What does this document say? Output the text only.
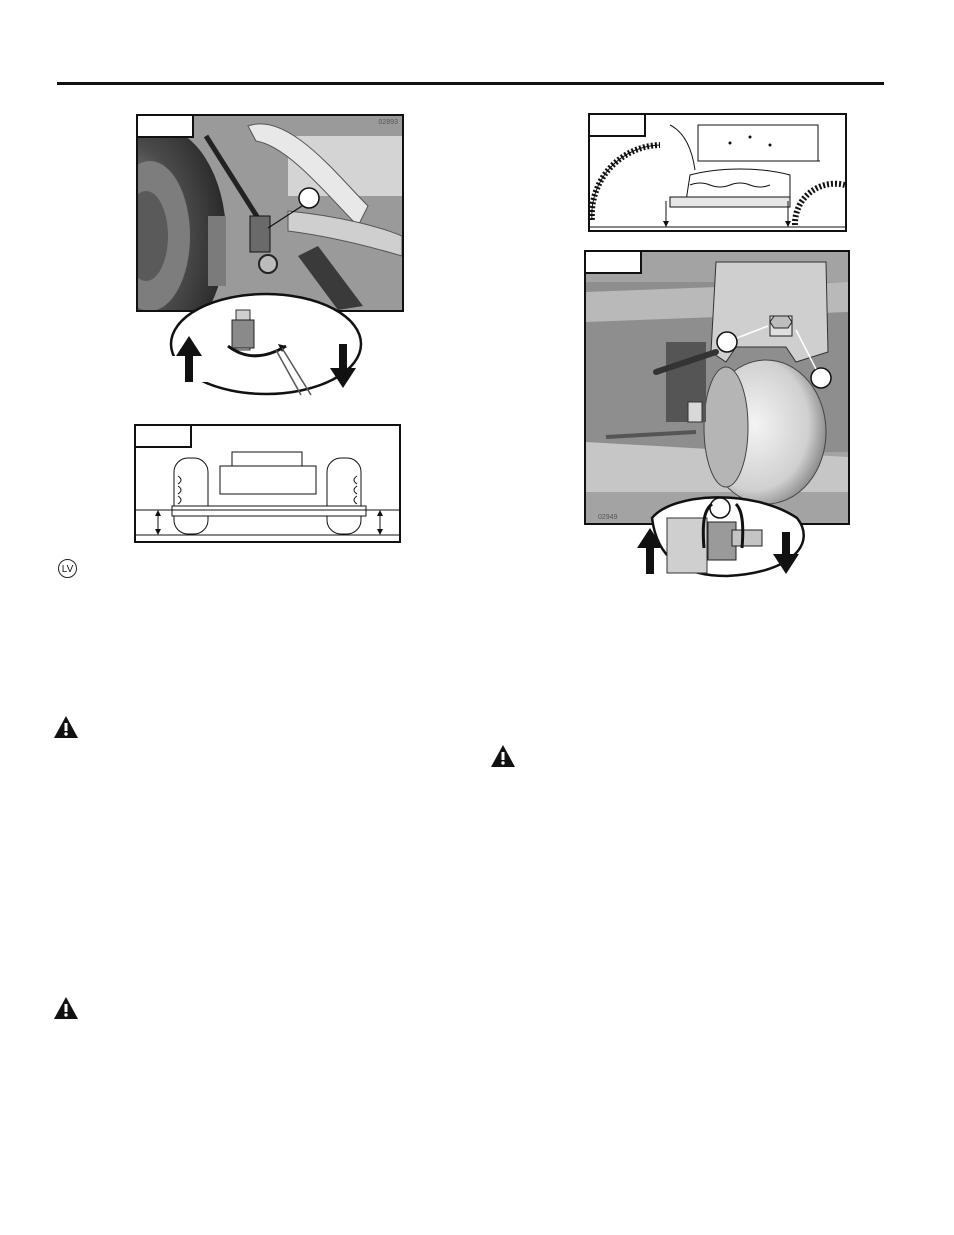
02893
LV
02949
